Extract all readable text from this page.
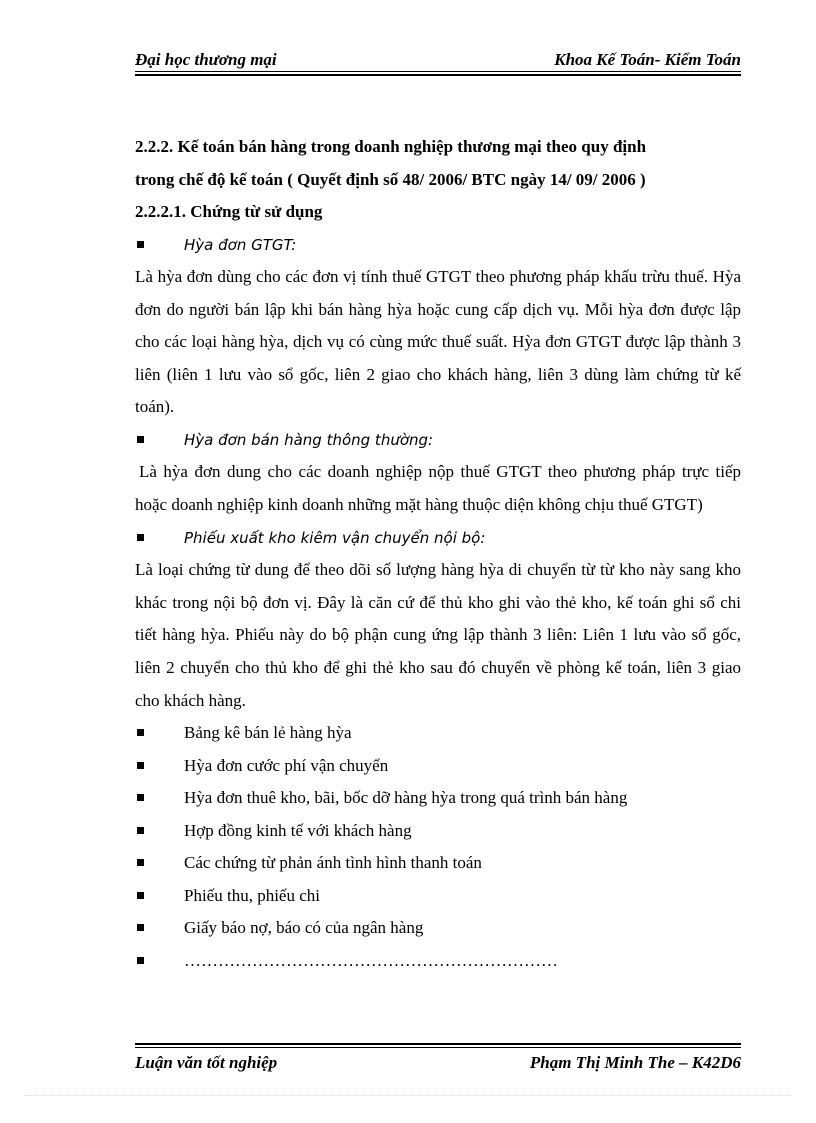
Đại học thương mại	Khoa Kế Toán- Kiểm Toán

2.2.2. Kế toán bán hàng trong doanh nghiệp thương mại theo quy định

trong chế độ kế toán ( Quyết định số 48/ 2006/ BTC ngày 14/ 09/ 2006 )

2.2.2.1. Chứng từ sử dụng

Hỳa đơn GTGT:

Là hỳa đơn dùng cho các đơn vị tính thuế GTGT theo phương pháp khấu trừu thuế. Hỳa đơn do người bán lập khi bán hàng hỳa hoặc cung cấp dịch vụ. Mỗi hỳa đơn được lập cho các loại hàng hỳa, dịch vụ có cùng mức thuế suất. Hỳa đơn GTGT được lập thành 3 liên (liên 1 lưu vào sổ gốc, liên 2 giao cho khách hàng, liên 3 dùng làm chứng từ kế toán).

Hỳa đơn bán hàng thông thường:

Là hỳa đơn dung cho các doanh nghiệp nộp thuế GTGT theo phương pháp trực tiếp hoặc doanh nghiệp kinh doanh những mặt hàng thuộc diện không chịu thuế GTGT)

Phiếu xuất kho kiêm vận chuyển nội bộ:

Là loại chứng từ dung để theo dõi số lượng hàng hỳa di chuyển từ từ kho này sang kho khác trong nội bộ đơn vị. Đây là căn cứ để thủ kho ghi vào thẻ kho, kế toán ghi sổ chi tiết hàng hỳa. Phiếu này do bộ phận cung ứng lập thành 3 liên: Liên 1 lưu vào sổ gốc, liên 2 chuyển cho thủ kho để ghi thẻ kho sau đó chuyển về phòng kế toán, liên 3 giao cho khách hàng.

Bảng kê bán lẻ hàng hỳa
Hỳa đơn cước phí vận chuyển
Hỳa đơn thuê kho, bãi, bốc dỡ hàng hỳa trong quá trình bán hàng
Hợp đồng kinh tế với khách hàng
Các chứng từ phản ánh tình hình thanh toán
Phiếu thu, phiếu chi
Giấy báo nợ, báo có của ngân hàng
…………………………………………………………
Luận văn tốt nghiệp	Phạm Thị Minh The – K42D6
